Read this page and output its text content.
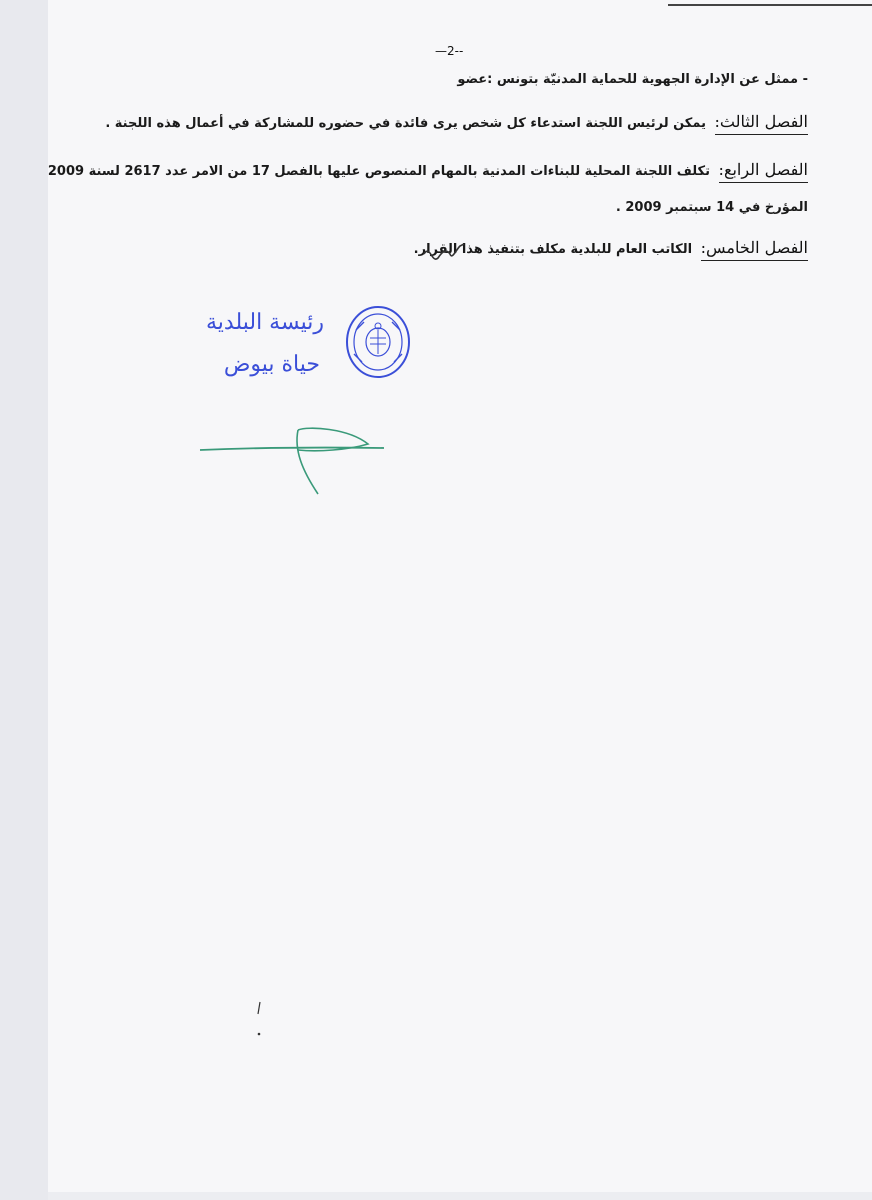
—2--
- ممثل عن الإدارة الجهوية للحماية المدنيّة بتونس :عضو
الفصل الثالث: يمكن لرئيس اللجنة استدعاء كل شخص يرى فائدة في حضوره للمشاركة في أعمال هذه اللجنة .
الفصل الرابع: تكلف اللجنة المحلية للبناءات المدنية بالمهام المنصوص عليها بالفصل 17 من الامر عدد 2617 لسنة 2009
المؤرخ في 14 سبتمبر 2009 .
الفصل الخامس: الكاتب العام للبلدية مكلف بتنفيذ هذا القرار.
رئيسة البلدية
حياة بيوض
